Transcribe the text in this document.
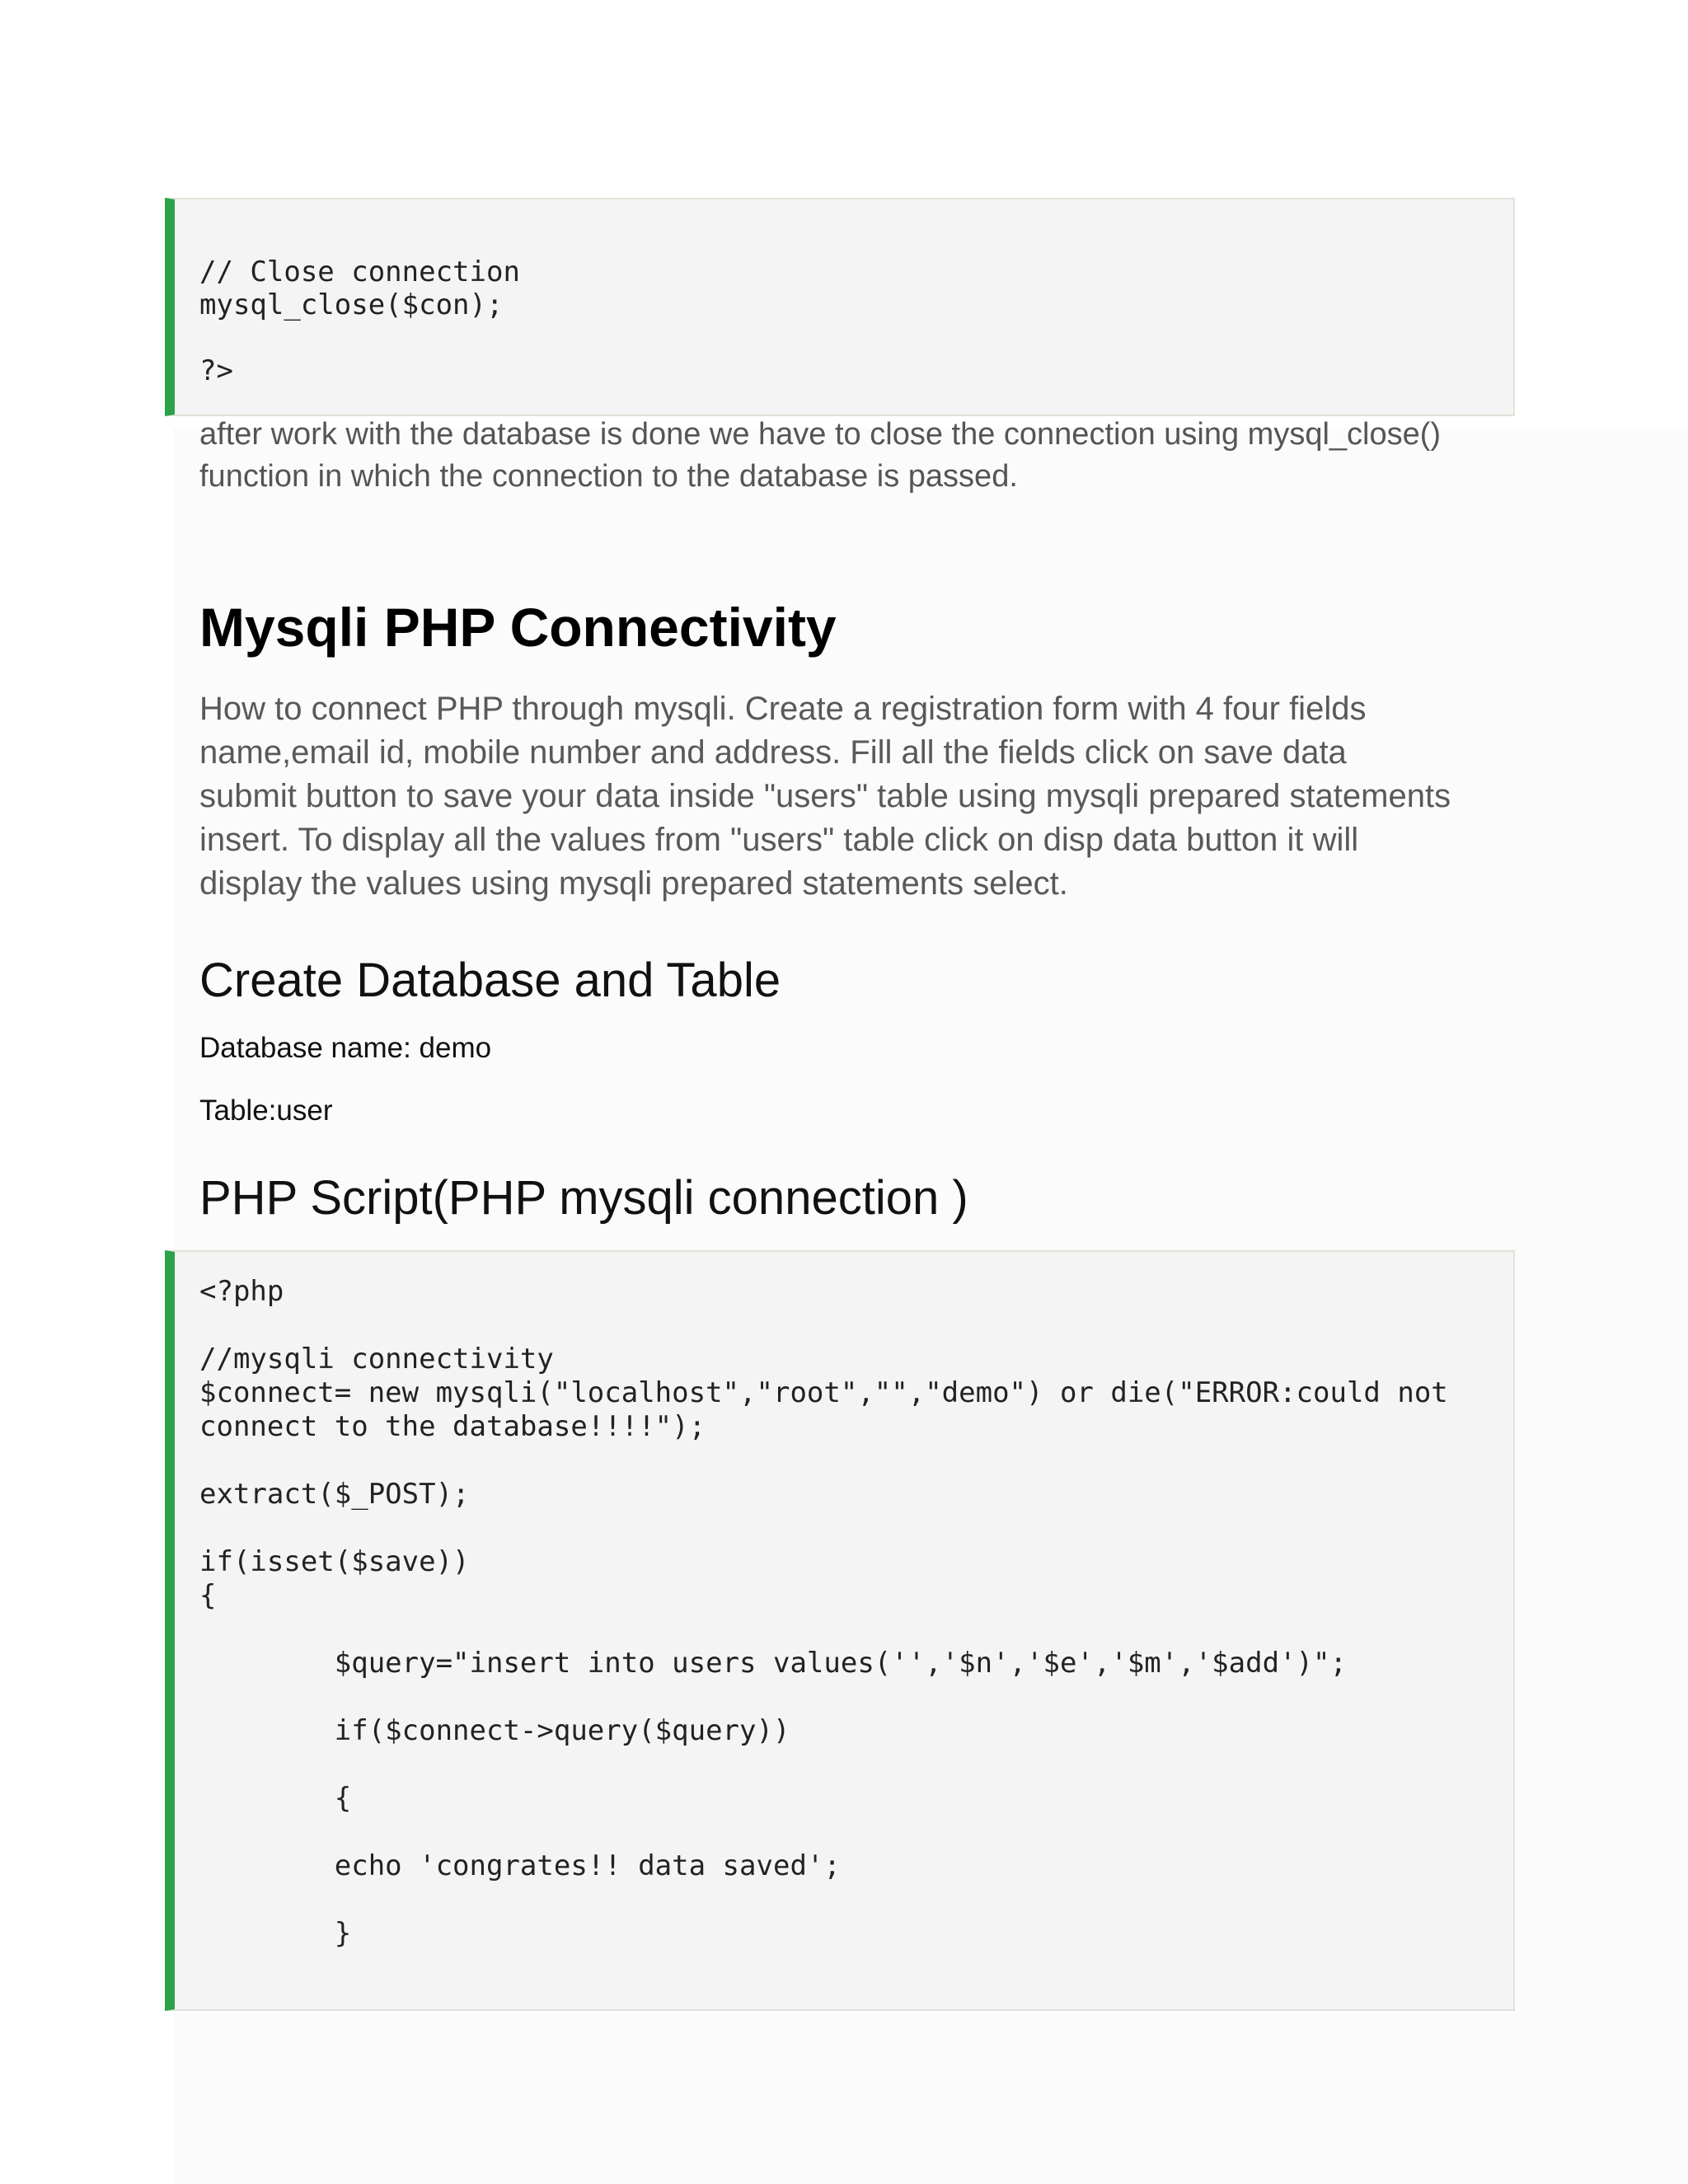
// Close connection
mysql_close($con);

?>
after work with the database is done we have to close the connection using mysql_close() function in which the connection to the database is passed.
Mysqli PHP Connectivity
How to connect PHP through mysqli. Create a registration form with 4 four fields name,email id, mobile number and address. Fill all the fields click on save data submit button to save your data inside "users" table using mysqli prepared statements insert. To display all the values from "users" table click on disp data button it will display the values using mysqli prepared statements select.
Create Database and Table
Database name: demo
Table:user
PHP Script(PHP mysqli connection )
<?php

//mysqli connectivity
$connect= new mysqli("localhost","root","","demo") or die("ERROR:could not
connect to the database!!!!");

extract($_POST);

if(isset($save))
{

$query="insert into users values('','$n','$e','$m','$add')";

if($connect->query($query))

{

echo 'congrates!! data saved';

}
